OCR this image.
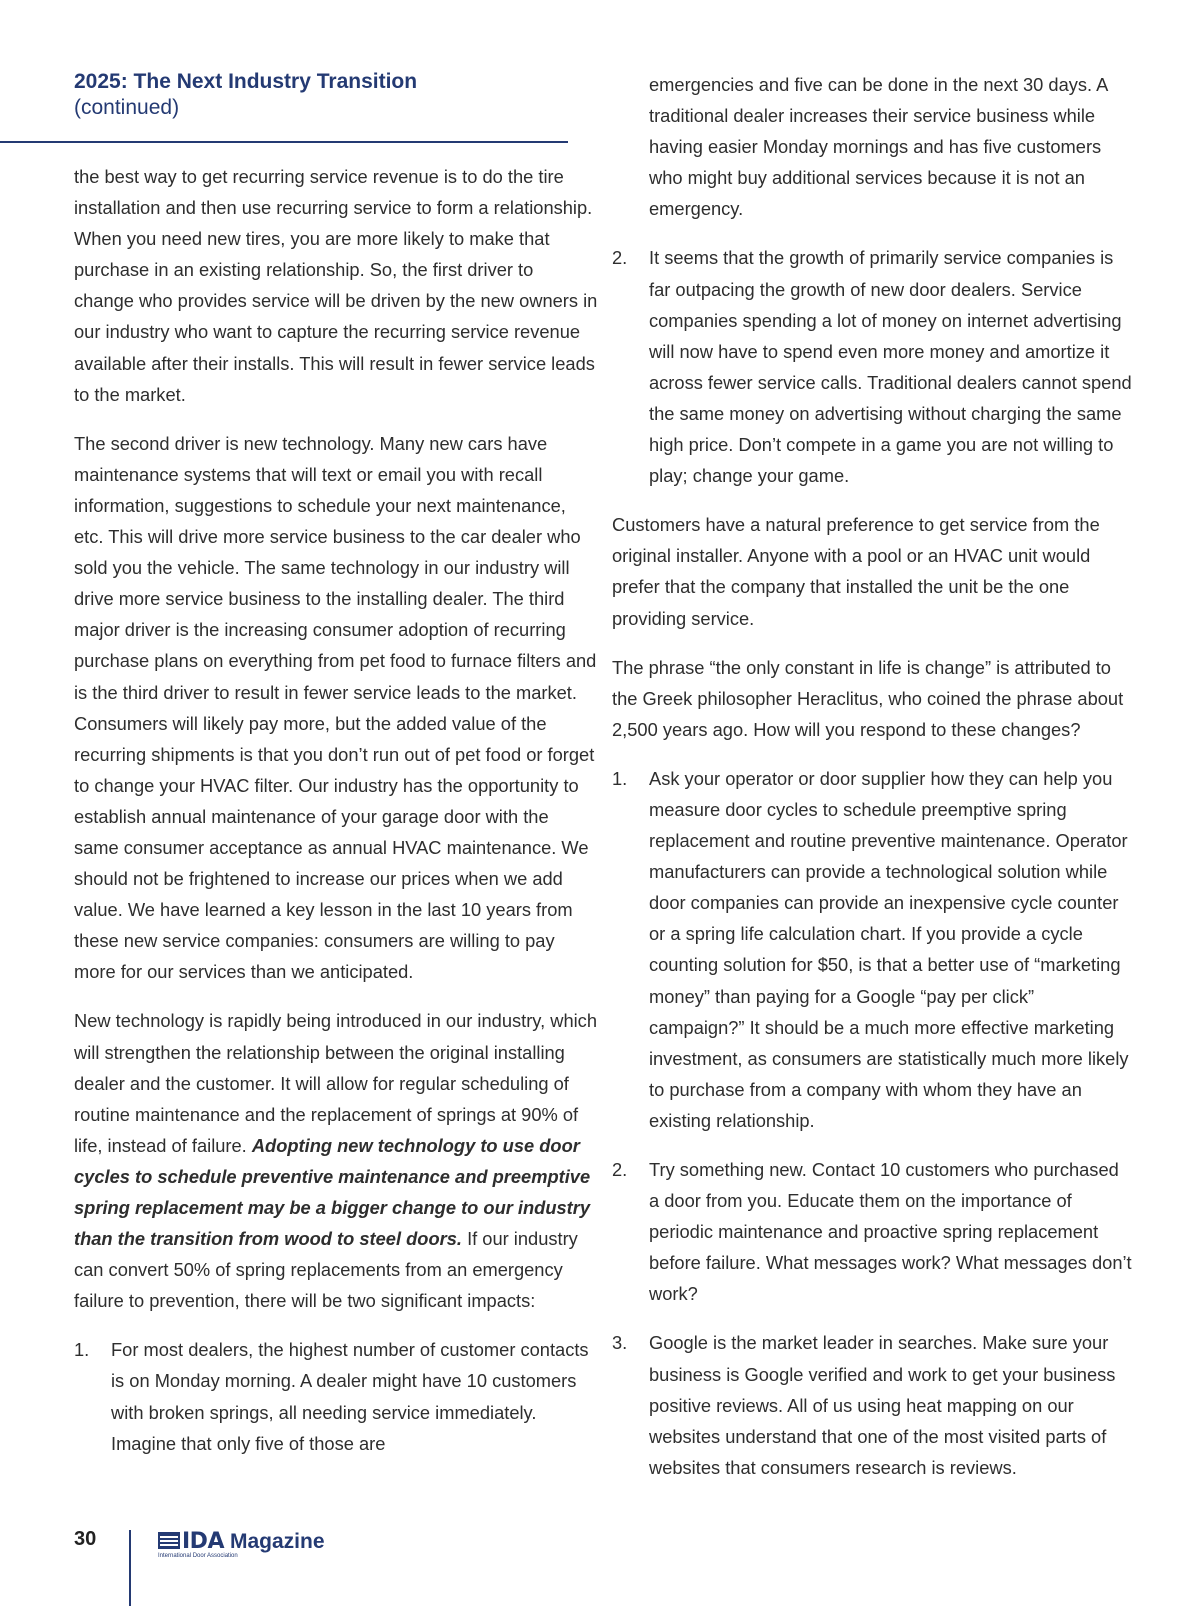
2025: The Next Industry Transition
(continued)

the best way to get recurring service revenue is to do the tire installation and then use recurring service to form a relationship. When you need new tires, you are more likely to make that purchase in an existing relationship. So, the first driver to change who provides service will be driven by the new owners in our industry who want to capture the recurring service revenue available after their installs. This will result in fewer service leads to the market.

The second driver is new technology. Many new cars have maintenance systems that will text or email you with recall information, suggestions to schedule your next maintenance, etc. This will drive more service business to the car dealer who sold you the vehicle. The same technology in our industry will drive more service business to the installing dealer. The third major driver is the increasing consumer adoption of recurring purchase plans on everything from pet food to furnace filters and is the third driver to result in fewer service leads to the market. Consumers will likely pay more, but the added value of the recurring shipments is that you don’t run out of pet food or forget to change your HVAC filter. Our industry has the opportunity to establish annual maintenance of your garage door with the same consumer acceptance as annual HVAC maintenance. We should not be frightened to increase our prices when we add value. We have learned a key lesson in the last 10 years from these new service companies: consumers are willing to pay more for our services than we anticipated.

New technology is rapidly being introduced in our industry, which will strengthen the relationship between the original installing dealer and the customer. It will allow for regular scheduling of routine maintenance and the replacement of springs at 90% of life, instead of failure. Adopting new technology to use door cycles to schedule preventive maintenance and preemptive spring replacement may be a bigger change to our industry than the transition from wood to steel doors. If our industry can convert 50% of spring replacements from an emergency failure to prevention, there will be two significant impacts:

1. For most dealers, the highest number of customer contacts is on Monday morning. A dealer might have 10 customers with broken springs, all needing service immediately. Imagine that only five of those are
emergencies and five can be done in the next 30 days. A traditional dealer increases their service business while having easier Monday mornings and has five customers who might buy additional services because it is not an emergency.
2. It seems that the growth of primarily service companies is far outpacing the growth of new door dealers. Service companies spending a lot of money on internet advertising will now have to spend even more money and amortize it across fewer service calls. Traditional dealers cannot spend the same money on advertising without charging the same high price. Don’t compete in a game you are not willing to play; change your game.

Customers have a natural preference to get service from the original installer. Anyone with a pool or an HVAC unit would prefer that the company that installed the unit be the one providing service.

The phrase “the only constant in life is change” is attributed to the Greek philosopher Heraclitus, who coined the phrase about 2,500 years ago. How will you respond to these changes?

1. Ask your operator or door supplier how they can help you measure door cycles to schedule preemptive spring replacement and routine preventive maintenance. Operator manufacturers can provide a technological solution while door companies can provide an inexpensive cycle counter or a spring life calculation chart. If you provide a cycle counting solution for $50, is that a better use of “marketing money” than paying for a Google “pay per click” campaign?” It should be a much more effective marketing investment, as consumers are statistically much more likely to purchase from a company with whom they have an existing relationship.
2. Try something new. Contact 10 customers who purchased a door from you. Educate them on the importance of periodic maintenance and proactive spring replacement before failure. What messages work? What messages don’t work?
3. Google is the market leader in searches. Make sure your business is Google verified and work to get your business positive reviews. All of us using heat mapping on our websites understand that one of the most visited parts of websites that consumers research is reviews.
30	IDA Magazine
International Door Association
